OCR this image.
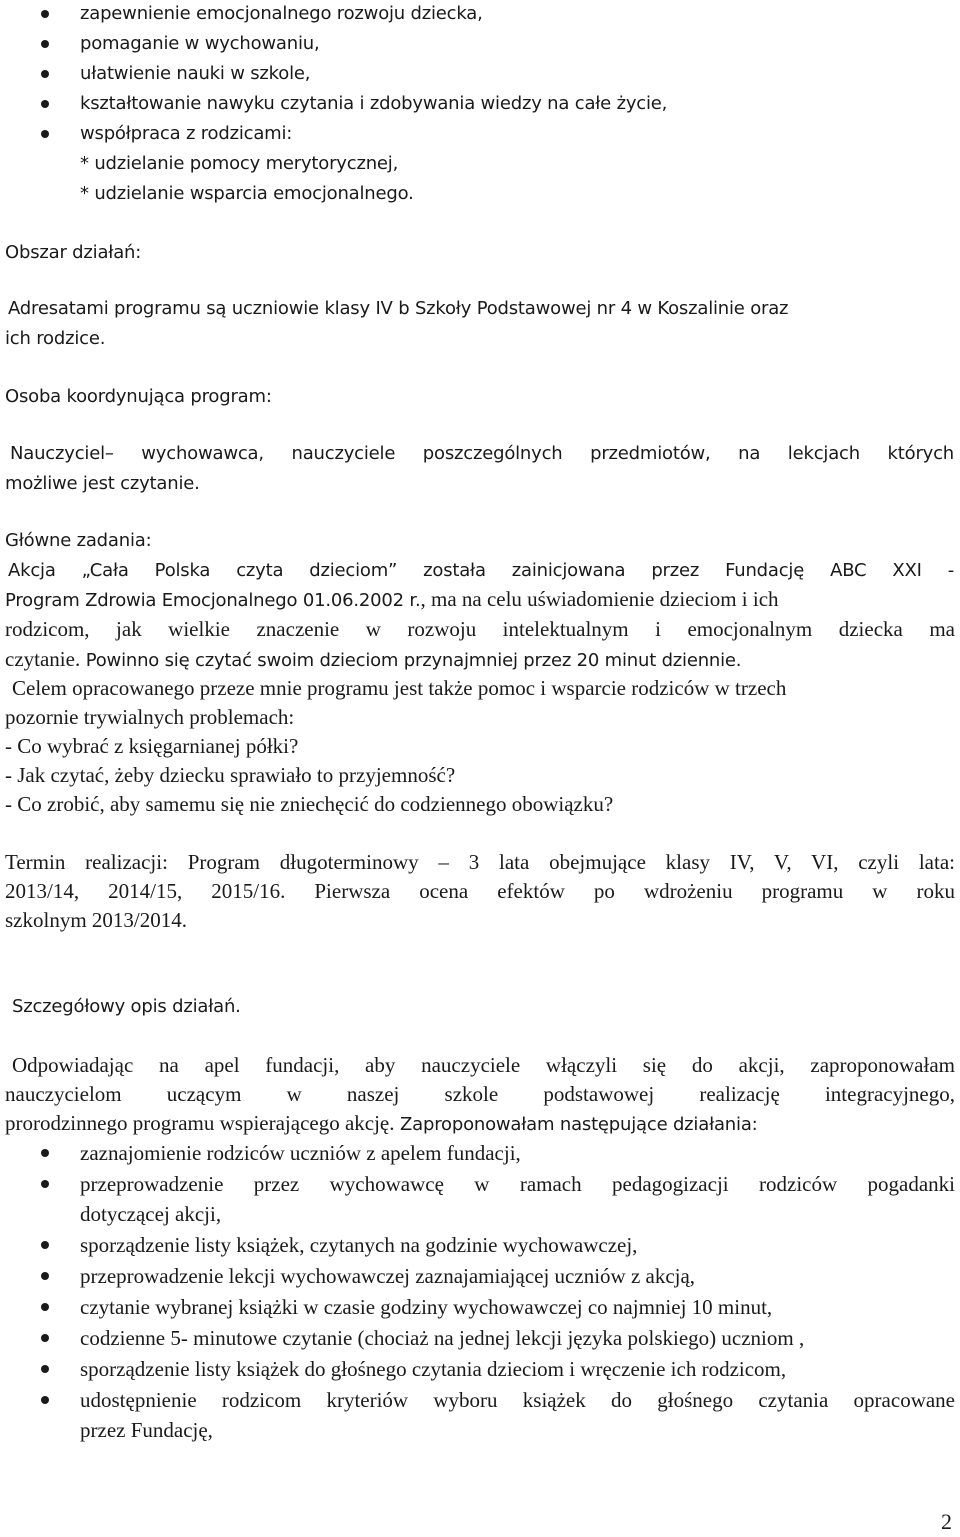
zapewnienie emocjonalnego rozwoju dziecka,
pomaganie w wychowaniu,
ułatwienie nauki w szkole,
kształtowanie nawyku czytania i zdobywania wiedzy na całe życie,
współpraca z rodzicami:
* udzielanie pomocy merytorycznej,
* udzielanie wsparcia emocjonalnego.
Obszar działań:
Adresatami programu są uczniowie klasy IV b Szkoły Podstawowej nr 4 w Koszalinie oraz
ich rodzice.
Osoba koordynująca program:
Nauczyciel– wychowawca, nauczyciele poszczególnych przedmiotów, na lekcjach których
możliwe jest czytanie.
Główne zadania:
Akcja „Cała Polska czyta dzieciom” została zainicjowana przez Fundację ABC XXI -
Program Zdrowia Emocjonalnego 01.06.2002 r., ma na celu uświadomienie dzieciom i ich
rodzicom, jak wielkie znaczenie w rozwoju intelektualnym i emocjonalnym dziecka ma
czytanie. Powinno się czytać swoim dzieciom przynajmniej przez 20 minut dziennie.
Celem opracowanego przeze mnie programu jest także pomoc i wsparcie rodziców w trzech
pozornie trywialnych problemach:
- Co wybrać z księgarnianej półki?
- Jak czytać, żeby dziecku sprawiało to przyjemność?
- Co zrobić, aby samemu się nie zniechęcić do codziennego obowiązku?
Termin realizacji: Program długoterminowy – 3 lata obejmujące klasy IV, V, VI, czyli lata:
2013/14, 2014/15, 2015/16. Pierwsza ocena efektów po wdrożeniu programu w roku
szkolnym 2013/2014.
Szczegółowy opis działań.
Odpowiadając na apel fundacji, aby nauczyciele włączyli się do akcji, zaproponowałam
nauczycielom uczącym w naszej szkole podstawowej realizację integracyjnego,
prorodzinnego programu wspierającego akcję. Zaproponowałam następujące działania:
zaznajomienie rodziców uczniów z apelem fundacji,
przeprowadzenie przez wychowawcę w ramach pedagogizacji rodziców pogadanki
dotyczącej akcji,
sporządzenie listy książek, czytanych na godzinie wychowawczej,
przeprowadzenie lekcji wychowawczej zaznajamiającej uczniów z akcją,
czytanie wybranej książki w czasie godziny wychowawczej co najmniej 10 minut,
codzienne 5- minutowe czytanie (chociaż na jednej lekcji języka polskiego) uczniom ,
sporządzenie listy książek do głośnego czytania dzieciom i wręczenie ich rodzicom,
udostępnienie rodzicom kryteriów wyboru książek do głośnego czytania opracowane
przez Fundację,
2
